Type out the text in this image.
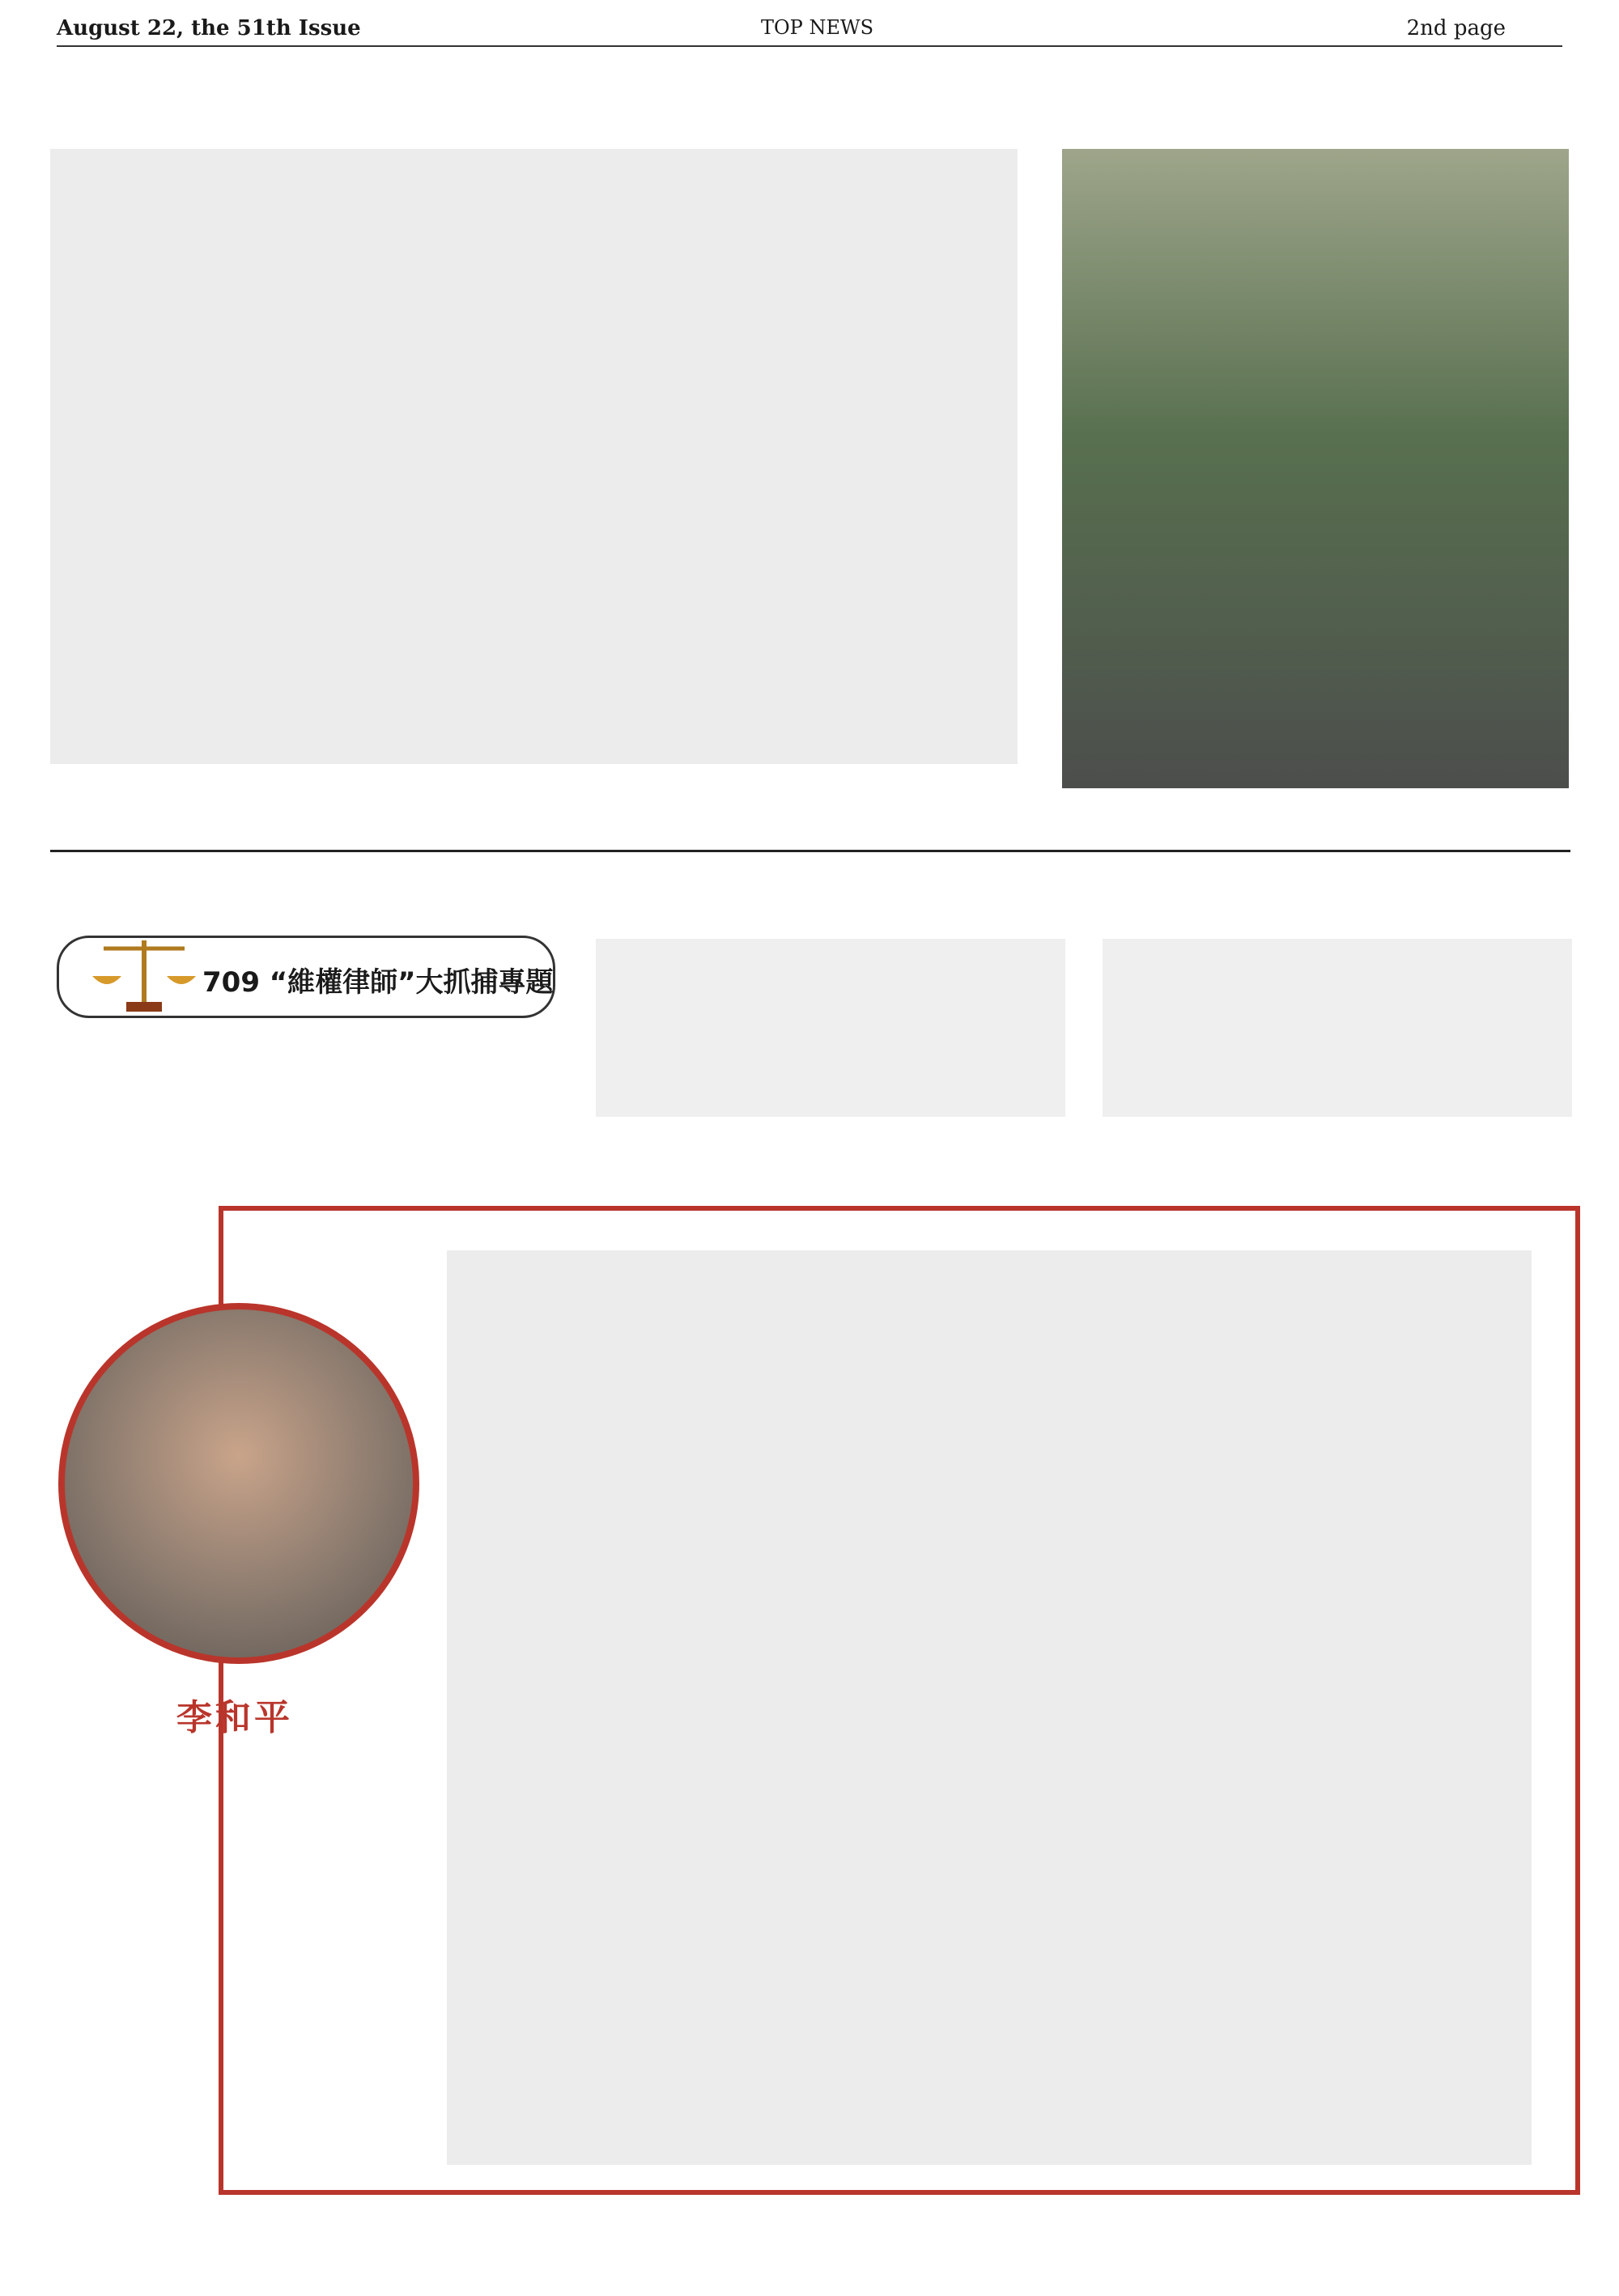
August 22, the 51th Issue	TOP NEWS	2nd page
709 “維權律師”大抓捕專題
李和平
